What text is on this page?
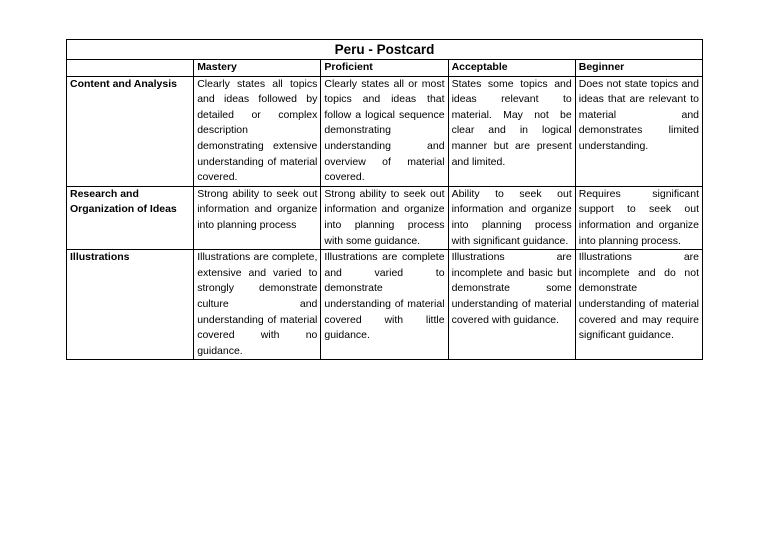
Peru - Postcard				
	Mastery	Proficient	Acceptable	Beginner
Content and Analysis	Clearly states all topics and ideas followed by detailed or complex description demonstrating extensive understanding of material covered.	Clearly states all or most topics and ideas that follow a logical sequence demonstrating understanding and overview of material covered.	States some topics and ideas relevant to material. May not be clear and in logical manner but are present and limited.	Does not state topics and ideas that are relevant to material and demonstrates limited understanding.
Research and Organization of Ideas	Strong ability to seek out information and organize into planning process	Strong ability to seek out information and organize into planning process with some guidance.	Ability to seek out information and organize into planning process with significant guidance.	Requires significant support to seek out information and organize into planning process.
Illustrations	Illustrations are complete, extensive and varied to strongly demonstrate culture and understanding of material covered with no guidance.	Illustrations are complete and varied to demonstrate understanding of material covered with little guidance.	Illustrations are incomplete and basic but demonstrate some understanding of material covered with guidance.	Illustrations are incomplete and do not demonstrate understanding of material covered and may require significant guidance.
